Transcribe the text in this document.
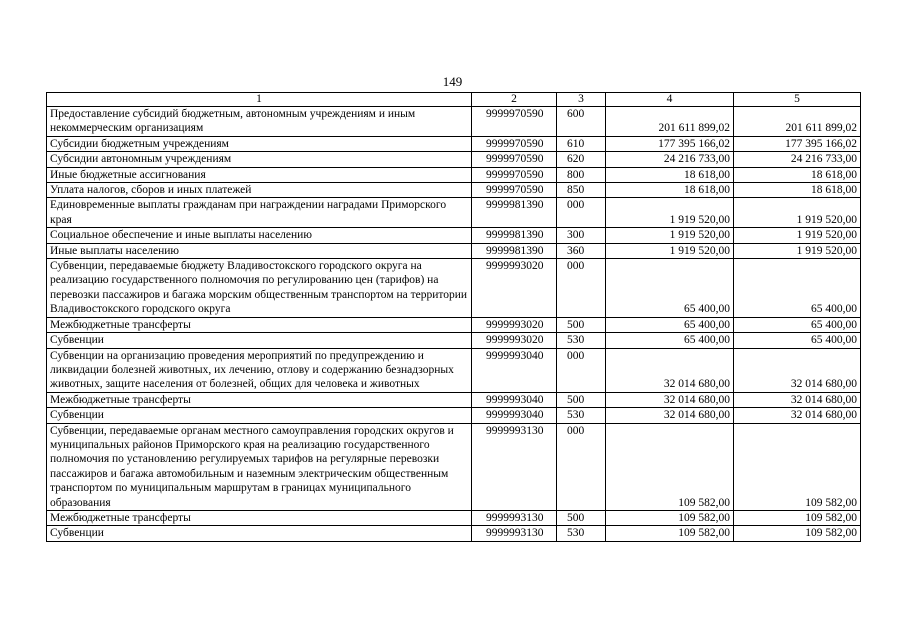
149
1	2	3	4	5
Предоставление субсидий бюджетным, автономным учреждениям и иным некоммерческим организациям	9999970590	600	201 611 899,02	201 611 899,02
Субсидии бюджетным учреждениям	9999970590	610	177 395 166,02	177 395 166,02
Субсидии автономным учреждениям	9999970590	620	24 216 733,00	24 216 733,00
Иные бюджетные ассигнования	9999970590	800	18 618,00	18 618,00
Уплата налогов, сборов и иных платежей	9999970590	850	18 618,00	18 618,00
Единовременные выплаты гражданам при награждении наградами Приморского края	9999981390	000	1 919 520,00	1 919 520,00
Социальное обеспечение и иные выплаты населению	9999981390	300	1 919 520,00	1 919 520,00
Иные выплаты населению	9999981390	360	1 919 520,00	1 919 520,00
Субвенции, передаваемые бюджету Владивостокского городского округа на реализацию государственного полномочия по регулированию цен (тарифов) на перевозки пассажиров и багажа морским общественным транспортом на территории Владивостокского городского округа	9999993020	000	65 400,00	65 400,00
Межбюджетные трансферты	9999993020	500	65 400,00	65 400,00
Субвенции	9999993020	530	65 400,00	65 400,00
Субвенции на организацию проведения мероприятий по предупреждению и ликвидации болезней животных, их лечению, отлову и содержанию безнадзорных животных, защите населения от болезней, общих для человека и животных	9999993040	000	32 014 680,00	32 014 680,00
Межбюджетные трансферты	9999993040	500	32 014 680,00	32 014 680,00
Субвенции	9999993040	530	32 014 680,00	32 014 680,00
Субвенции, передаваемые органам местного самоуправления городских округов и муниципальных районов Приморского края на реализацию государственного полномочия по установлению регулируемых тарифов на регулярные перевозки пассажиров и багажа автомобильным и наземным электрическим общественным транспортом по муниципальным маршрутам в границах муниципального образования	9999993130	000	109 582,00	109 582,00
Межбюджетные трансферты	9999993130	500	109 582,00	109 582,00
Субвенции	9999993130	530	109 582,00	109 582,00
